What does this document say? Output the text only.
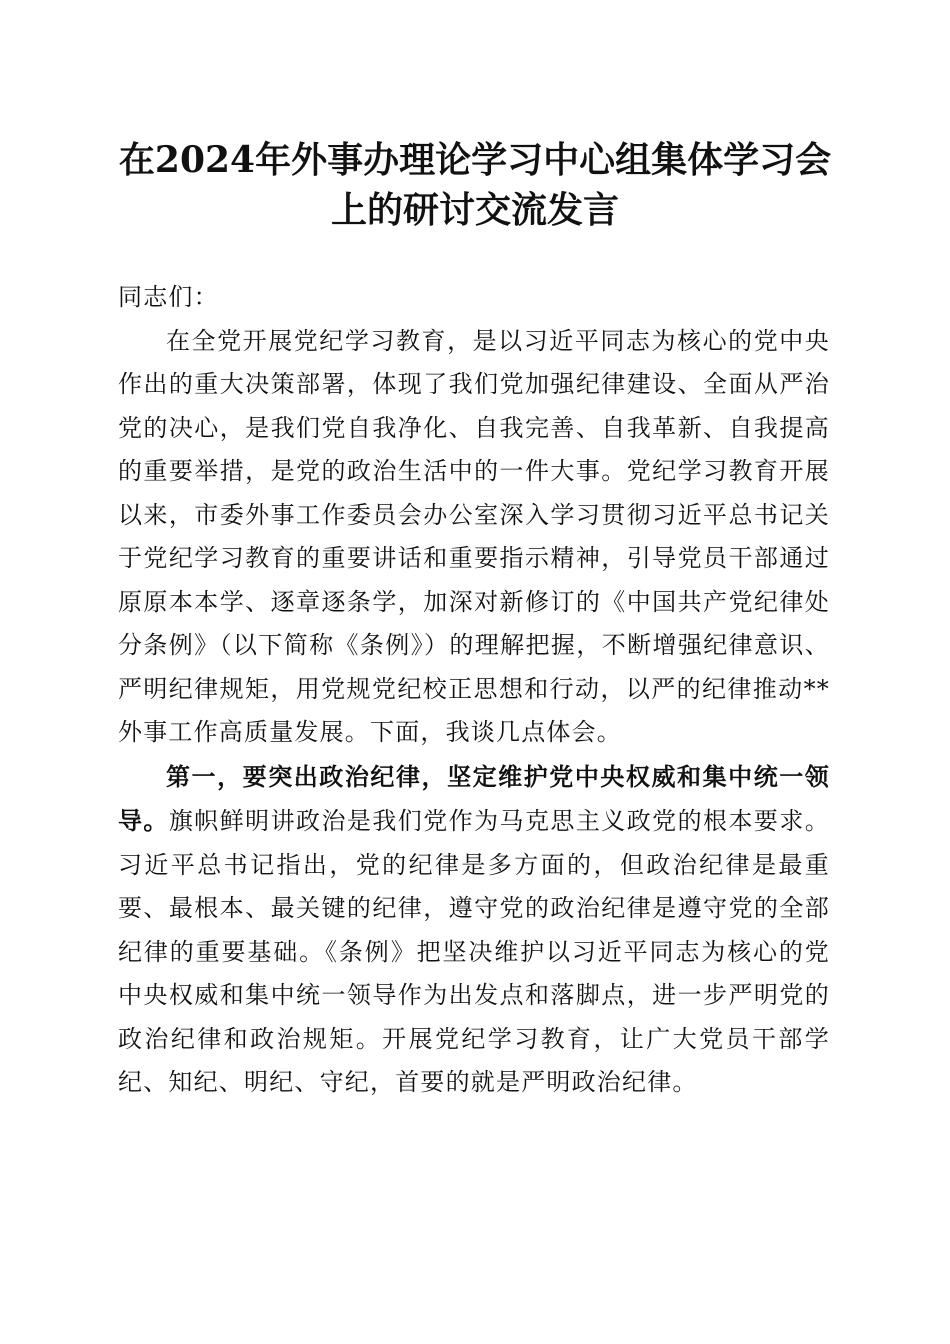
在2024年外事办理论学习中心组集体学习会
上的研讨交流发言

同志们：

在全党开展党纪学习教育，是以习近平同志为核心的党中央作出的重大决策部署，体现了我们党加强纪律建设、全面从严治党的决心，是我们党自我净化、自我完善、自我革新、自我提高的重要举措，是党的政治生活中的一件大事。党纪学习教育开展以来，市委外事工作委员会办公室深入学习贯彻习近平总书记关于党纪学习教育的重要讲话和重要指示精神，引导党员干部通过原原本本学、逐章逐条学，加深对新修订的《中国共产党纪律处分条例》（以下简称《条例》）的理解把握，不断增强纪律意识、严明纪律规矩，用党规党纪校正思想和行动，以严的纪律推动**外事工作高质量发展。下面，我谈几点体会。

第一，要突出政治纪律，坚定维护党中央权威和集中统一领导。旗帜鲜明讲政治是我们党作为马克思主义政党的根本要求。习近平总书记指出，党的纪律是多方面的，但政治纪律是最重要、最根本、最关键的纪律，遵守党的政治纪律是遵守党的全部纪律的重要基础。《条例》把坚决维护以习近平同志为核心的党中央权威和集中统一领导作为出发点和落脚点，进一步严明党的政治纪律和政治规矩。开展党纪学习教育，让广大党员干部学纪、知纪、明纪、守纪，首要的就是严明政治纪律。
